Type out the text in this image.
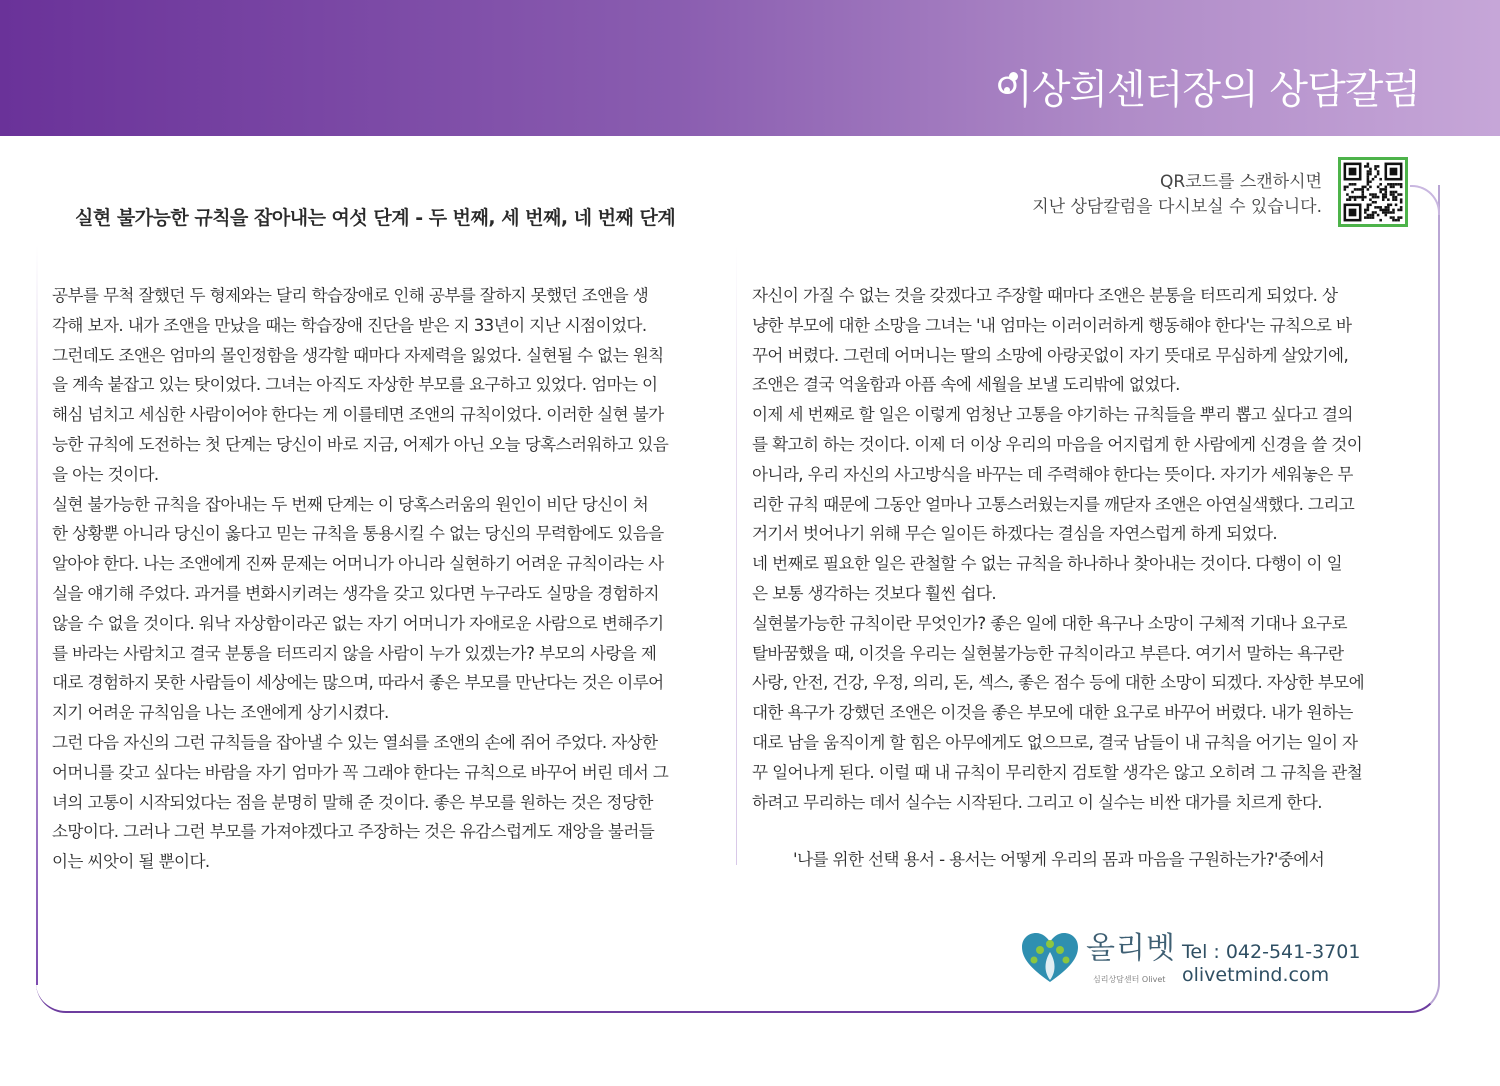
이상희센터장의 상담칼럼
실현 불가능한 규칙을 잡아내는 여섯 단계 - 두 번째, 세 번째, 네 번째 단계
QR코드를 스캔하시면
지난 상담칼럼을 다시보실 수 있습니다.
공부를 무척 잘했던 두 형제와는 달리 학습장애로 인해 공부를 잘하지 못했던 조앤을 생
각해 보자. 내가 조앤을 만났을 때는 학습장애 진단을 받은 지 33년이 지난 시점이었다.
그런데도 조앤은 엄마의 몰인정함을 생각할 때마다 자제력을 잃었다. 실현될 수 없는 원칙
을 계속 붙잡고 있는 탓이었다. 그녀는 아직도 자상한 부모를 요구하고 있었다. 엄마는 이
해심 넘치고 세심한 사람이어야 한다는 게 이를테면 조앤의 규칙이었다. 이러한 실현 불가
능한 규칙에 도전하는 첫 단계는 당신이 바로 지금, 어제가 아닌 오늘 당혹스러워하고 있음
을 아는 것이다.
실현 불가능한 규칙을 잡아내는 두 번째 단계는 이 당혹스러움의 원인이 비단 당신이 처
한 상황뿐 아니라 당신이 옳다고 믿는 규칙을 통용시킬 수 없는 당신의 무력함에도 있음을
알아야 한다. 나는 조앤에게 진짜 문제는 어머니가 아니라 실현하기 어려운 규칙이라는 사
실을 얘기해 주었다. 과거를 변화시키려는 생각을 갖고 있다면 누구라도 실망을 경험하지
않을 수 없을 것이다. 워낙 자상함이라곤 없는 자기 어머니가 자애로운 사람으로 변해주기
를 바라는 사람치고 결국 분통을 터뜨리지 않을 사람이 누가 있겠는가? 부모의 사랑을 제
대로 경험하지 못한 사람들이 세상에는 많으며, 따라서 좋은 부모를 만난다는 것은 이루어
지기 어려운 규칙임을 나는 조앤에게 상기시켰다.
그런 다음 자신의 그런 규칙들을 잡아낼 수 있는 열쇠를 조앤의 손에 쥐어 주었다. 자상한
어머니를 갖고 싶다는 바람을 자기 엄마가 꼭 그래야 한다는 규칙으로 바꾸어 버린 데서 그
녀의 고통이 시작되었다는 점을 분명히 말해 준 것이다. 좋은 부모를 원하는 것은 정당한
소망이다. 그러나 그런 부모를 가져야겠다고 주장하는 것은 유감스럽게도 재앙을 불러들
이는 씨앗이 될 뿐이다.
자신이 가질 수 없는 것을 갖겠다고 주장할 때마다 조앤은 분통을 터뜨리게 되었다. 상
냥한 부모에 대한 소망을 그녀는 '내 엄마는 이러이러하게 행동해야 한다'는 규칙으로 바
꾸어 버렸다. 그런데 어머니는 딸의 소망에 아랑곳없이 자기 뜻대로 무심하게 살았기에,
조앤은 결국 억울함과 아픔 속에 세월을 보낼 도리밖에 없었다.
이제 세 번째로 할 일은 이렇게 엄청난 고통을 야기하는 규칙들을 뿌리 뽑고 싶다고 결의
를 확고히 하는 것이다. 이제 더 이상 우리의 마음을 어지럽게 한 사람에게 신경을 쓸 것이
아니라, 우리 자신의 사고방식을 바꾸는 데 주력해야 한다는 뜻이다. 자기가 세워놓은 무
리한 규칙 때문에 그동안 얼마나 고통스러웠는지를 깨닫자 조앤은 아연실색했다. 그리고
거기서 벗어나기 위해 무슨 일이든 하겠다는 결심을 자연스럽게 하게 되었다.
네 번째로 필요한 일은 관철할 수 없는 규칙을 하나하나 찾아내는 것이다. 다행이 이 일
은 보통 생각하는 것보다 훨씬 쉽다.
실현불가능한 규칙이란 무엇인가? 좋은 일에 대한 욕구나 소망이 구체적 기대나 요구로
탈바꿈했을 때, 이것을 우리는 실현불가능한 규칙이라고 부른다. 여기서 말하는 욕구란
사랑, 안전, 건강, 우정, 의리, 돈, 섹스, 좋은 점수 등에 대한 소망이 되겠다. 자상한 부모에
대한 욕구가 강했던 조앤은 이것을 좋은 부모에 대한 요구로 바꾸어 버렸다. 내가 원하는
대로 남을 움직이게 할 힘은 아무에게도 없으므로, 결국 남들이 내 규칙을 어기는 일이 자
꾸 일어나게 된다. 이럴 때 내 규칙이 무리한지 검토할 생각은 않고 오히려 그 규칙을 관철
하려고 무리하는 데서 실수는 시작된다. 그리고 이 실수는 비싼 대가를 치르게 한다.
'나를 위한 선택 용서 - 용서는 어떻게 우리의 몸과 마음을 구원하는가?'중에서
올리벳
심리상담센터 Olivet
Tel : 042-541-3701
olivetmind.com
